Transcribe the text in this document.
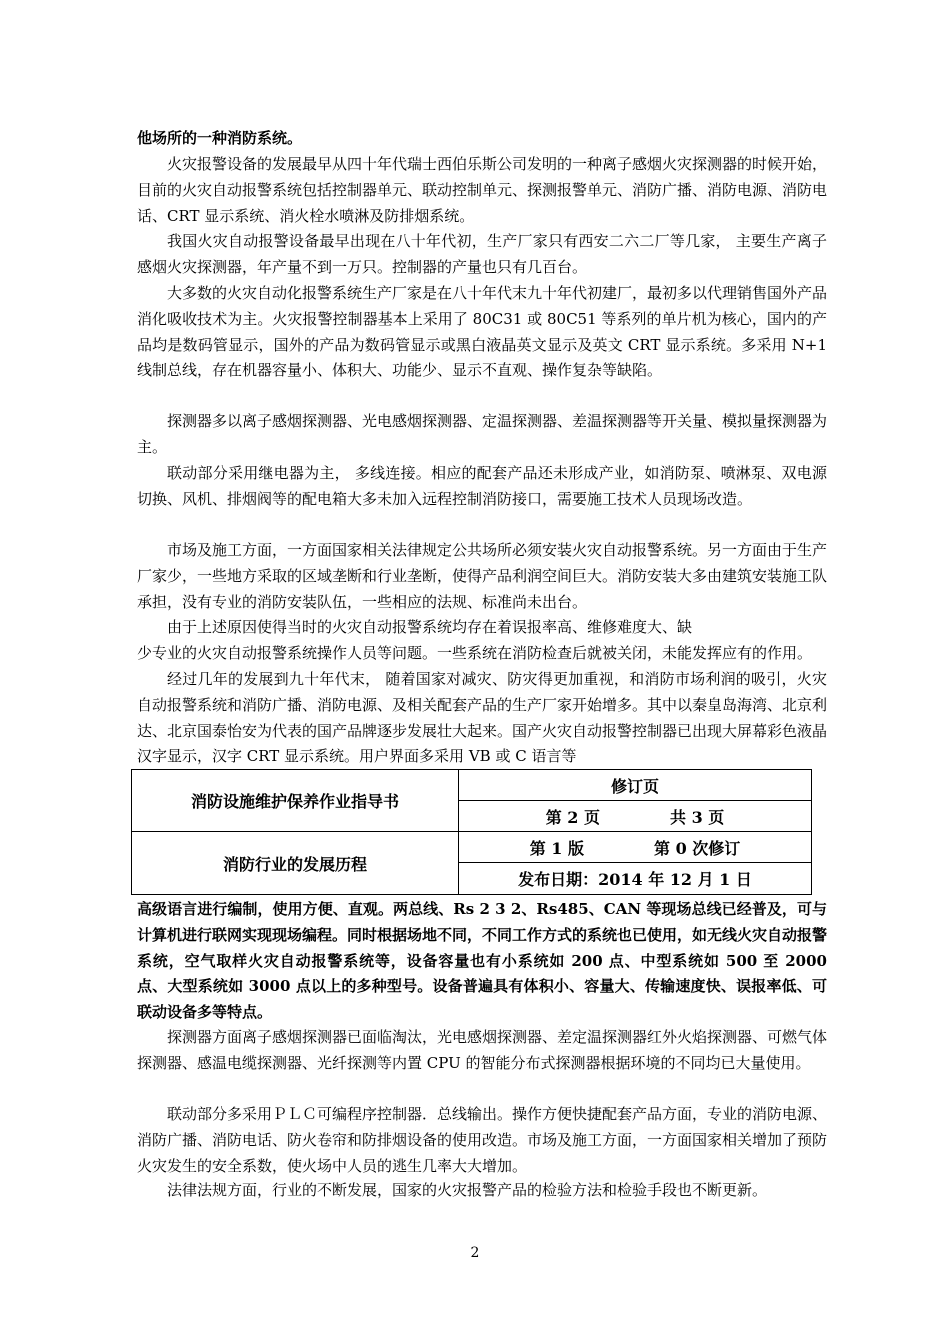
他场所的一种消防系统。

火灾报警设备的发展最早从四十年代瑞士西伯乐斯公司发明的一种离子感烟火灾探测器的时候开始， 目前的火灾自动报警系统包括控制器单元、联动控制单元、探测报警单元、消防广播、消防电源、消防电话、CRT 显示系统、消火栓水喷淋及防排烟系统。

我国火灾自动报警设备最早出现在八十年代初，生产厂家只有西安二六二厂等几家， 主要生产离子感烟火灾探测器，年产量不到一万只。控制器的产量也只有几百台。

大多数的火灾自动化报警系统生产厂家是在八十年代末九十年代初建厂，最初多以代理销售国外产品消化吸收技术为主。火灾报警控制器基本上采用了 80C31 或 80C51 等系列的单片机为核心，国内的产品均是数码管显示，国外的产品为数码管显示或黑白液晶英文显示及英文 CRT 显示系统。多采用 N+1 线制总线，存在机器容量小、体积大、功能少、显示不直观、操作复杂等缺陷。

探测器多以离子感烟探测器、光电感烟探测器、定温探测器、差温探测器等开关量、模拟量探测器为主。

联动部分采用继电器为主， 多线连接。相应的配套产品还未形成产业，如消防泵、喷淋泵、双电源切换、风机、排烟阀等的配电箱大多未加入远程控制消防接口，需要施工技术人员现场改造。

市场及施工方面，一方面国家相关法律规定公共场所必须安装火灾自动报警系统。另一方面由于生产厂家少，一些地方采取的区域垄断和行业垄断，使得产品利润空间巨大。消防安装大多由建筑安装施工队承担，没有专业的消防安装队伍，一些相应的法规、标准尚未出台。

由于上述原因使得当时的火灾自动报警系统均存在着误报率高、维修难度大、缺

少专业的火灾自动报警系统操作人员等问题。一些系统在消防检查后就被关闭，未能发挥应有的作用。

经过几年的发展到九十年代末， 随着国家对减灾、防灾得更加重视，和消防市场利润的吸引，火灾自动报警系统和消防广播、消防电源、及相关配套产品的生产厂家开始增多。其中以秦皇岛海湾、北京利达、北京国泰怡安为代表的国产品牌逐步发展壮大起来。国产火灾自动报警控制器已出现大屏幕彩色液晶汉字显示，汉字 CRT 显示系统。用户界面多采用 VB 或 C 语言等

消防设施维护保养作业指导书	修订页
	第 2 页 共 3 页
消防行业的发展历程	第 1 版 第 0 次修订
	发布日期：2014 年 12 月 1 日

高级语言进行编制，使用方便、直观。两总线、Rs 2 3 2、Rs485、CAN 等现场总线已经普及，可与计算机进行联网实现现场编程。同时根据场地不同，不同工作方式的系统也已使用，如无线火灾自动报警系统，空气取样火灾自动报警系统等，设备容量也有小系统如 200 点、中型系统如 500 至 2000 点、大型系统如 3000 点以上的多种型号。设备普遍具有体积小、容量大、传输速度快、误报率低、可联动设备多等特点。

探测器方面离子感烟探测器已面临淘汰，光电感烟探测器、差定温探测器红外火焰探测器、可燃气体探测器、感温电缆探测器、光纤探测等内置 CPU 的智能分布式探测器根据环境的不同均已大量使用。

联动部分多采用ＰＬＣ可编程序控制器．总线输出。操作方便快捷配套产品方面，专业的消防电源、消防广播、消防电话、防火卷帘和防排烟设备的使用改造。市场及施工方面，一方面国家相关增加了预防火灾发生的安全系数，使火场中人员的逃生几率大大增加。

法律法规方面，行业的不断发展，国家的火灾报警产品的检验方法和检验手段也不断更新。

2
